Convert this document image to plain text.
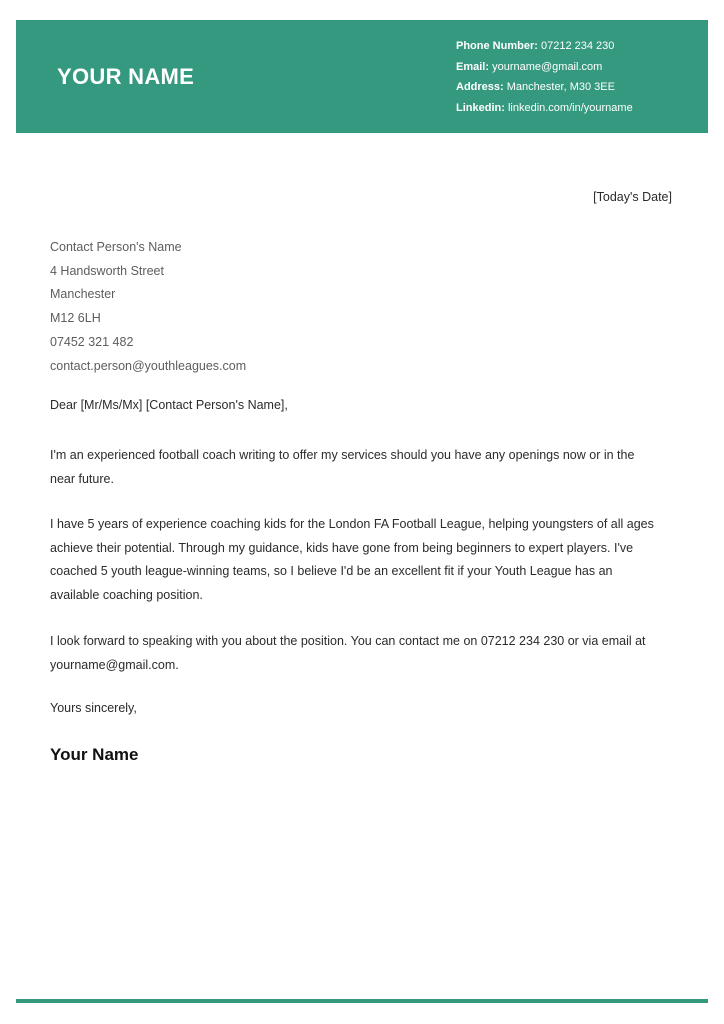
YOUR NAME
Phone Number: 07212 234 230
Email: yourname@gmail.com
Address: Manchester, M30 3EE
Linkedin: linkedin.com/in/yourname
[Today's Date]
Contact Person's Name
4 Handsworth Street
Manchester
M12 6LH
07452 321 482
contact.person@youthleagues.com

Dear [Mr/Ms/Mx] [Contact Person's Name],

I'm an experienced football coach writing to offer my services should you have any openings now or in the near future.

I have 5 years of experience coaching kids for the London FA Football League, helping youngsters of all ages achieve their potential. Through my guidance, kids have gone from being beginners to expert players. I've coached 5 youth league-winning teams, so I believe I'd be an excellent fit if your Youth League has an available coaching position.

I look forward to speaking with you about the position. You can contact me on 07212 234 230 or via email at yourname@gmail.com.

Yours sincerely,

Your Name
